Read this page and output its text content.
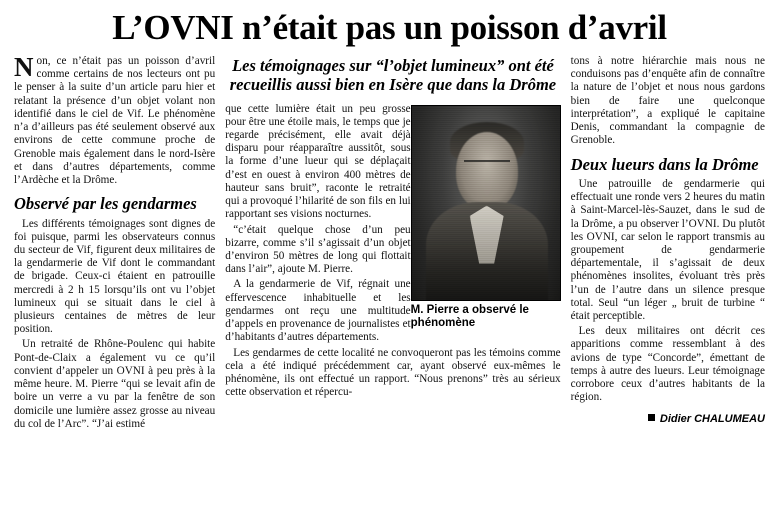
L’OVNI n’était pas un poisson d’avril

Non, ce n’était pas un poisson d’avril comme certains de nos lecteurs ont pu le penser à la suite d’un article paru hier et relatant la présence d’un objet volant non identifié dans le ciel de Vif. Le phénomène n’a d’ailleurs pas été seulement observé aux environs de cette commune proche de Grenoble mais également dans le nord-Isère et dans d’autres départements, comme l’Ardèche et la Drôme.

Observé par les gendarmes

Les différents témoignages sont dignes de foi puisque, parmi les observateurs connus du secteur de Vif, figurent deux militaires de la gendarmerie de Vif dont le commandant de brigade. Ceux-ci étaient en patrouille mercredi à 2 h 15 lorsqu’ils ont vu l’objet lumineux qui se situait dans le ciel à plusieurs centaines de mètres de leur position.

Un retraité de Rhône-Poulenc qui habite Pont-de-Claix a également vu ce qu’il convient d’appeler un OVNI à peu près à la même heure. M. Pierre “qui se levait afin de boire un verre a vu par la fenêtre de son domicile une lumière assez grosse au niveau du col de l’Arc”. “J’ai estimé

Les témoignages sur “l’objet lumineux” ont été recueillis aussi bien en Isère que dans la Drôme
M. Pierre a observé le phénomène

que cette lumière était un peu grosse pour être une étoile mais, le temps que je regarde précisément, elle avait déjà disparu pour réapparaître aussitôt, sous la forme d’une lueur qui se déplaçait d’est en ouest à environ 400 mètres de hauteur sans bruit”, raconte le retraité qui a provoqué l’hilarité de son fils en lui rapportant ses visions nocturnes.

“c’était quelque chose d’un peu bizarre, comme s’il s’agissait d’un objet d’environ 50 mètres de long qui flottait dans l’air”, ajoute M. Pierre.

A la gendarmerie de Vif, régnait une effervescence inhabituelle et les gendarmes ont reçu une multitude d’appels en provenance de journalistes et d’habitants d’autres départements.

Les gendarmes de cette localité ne convoqueront pas les témoins comme cela a été indiqué précédemment car, ayant observé eux-mêmes le phénomène, ils ont effectué un rapport. “Nous prenons” très au sérieux cette observation et répercu-

tons à notre hiérarchie mais nous ne conduisons pas d’enquête afin de connaître la nature de l’objet et nous nous gardons bien de faire une quelconque interprétation”, a expliqué le capitaine Denis, commandant la compagnie de Grenoble.

Deux lueurs dans la Drôme

Une patrouille de gendarmerie qui effectuait une ronde vers 2 heures du matin à Saint-Marcel-lès-Sauzet, dans le sud de la Drôme, a pu observer l’OVNI. Du plutôt les OVNI, car selon le rapport transmis au groupement de gendarmerie départementale, il s’agissait de deux phénomènes insolites, évoluant très près l’un de l’autre dans un silence presque total. Seul “un léger „ bruit de turbine “ était perceptible.

Les deux militaires ont décrit ces apparitions comme ressemblant à des avions de type “Concorde”, émettant de temps à autre des lueurs. Leur témoignage corrobore ceux d’autres habitants de la région.

Didier CHALUMEAU
